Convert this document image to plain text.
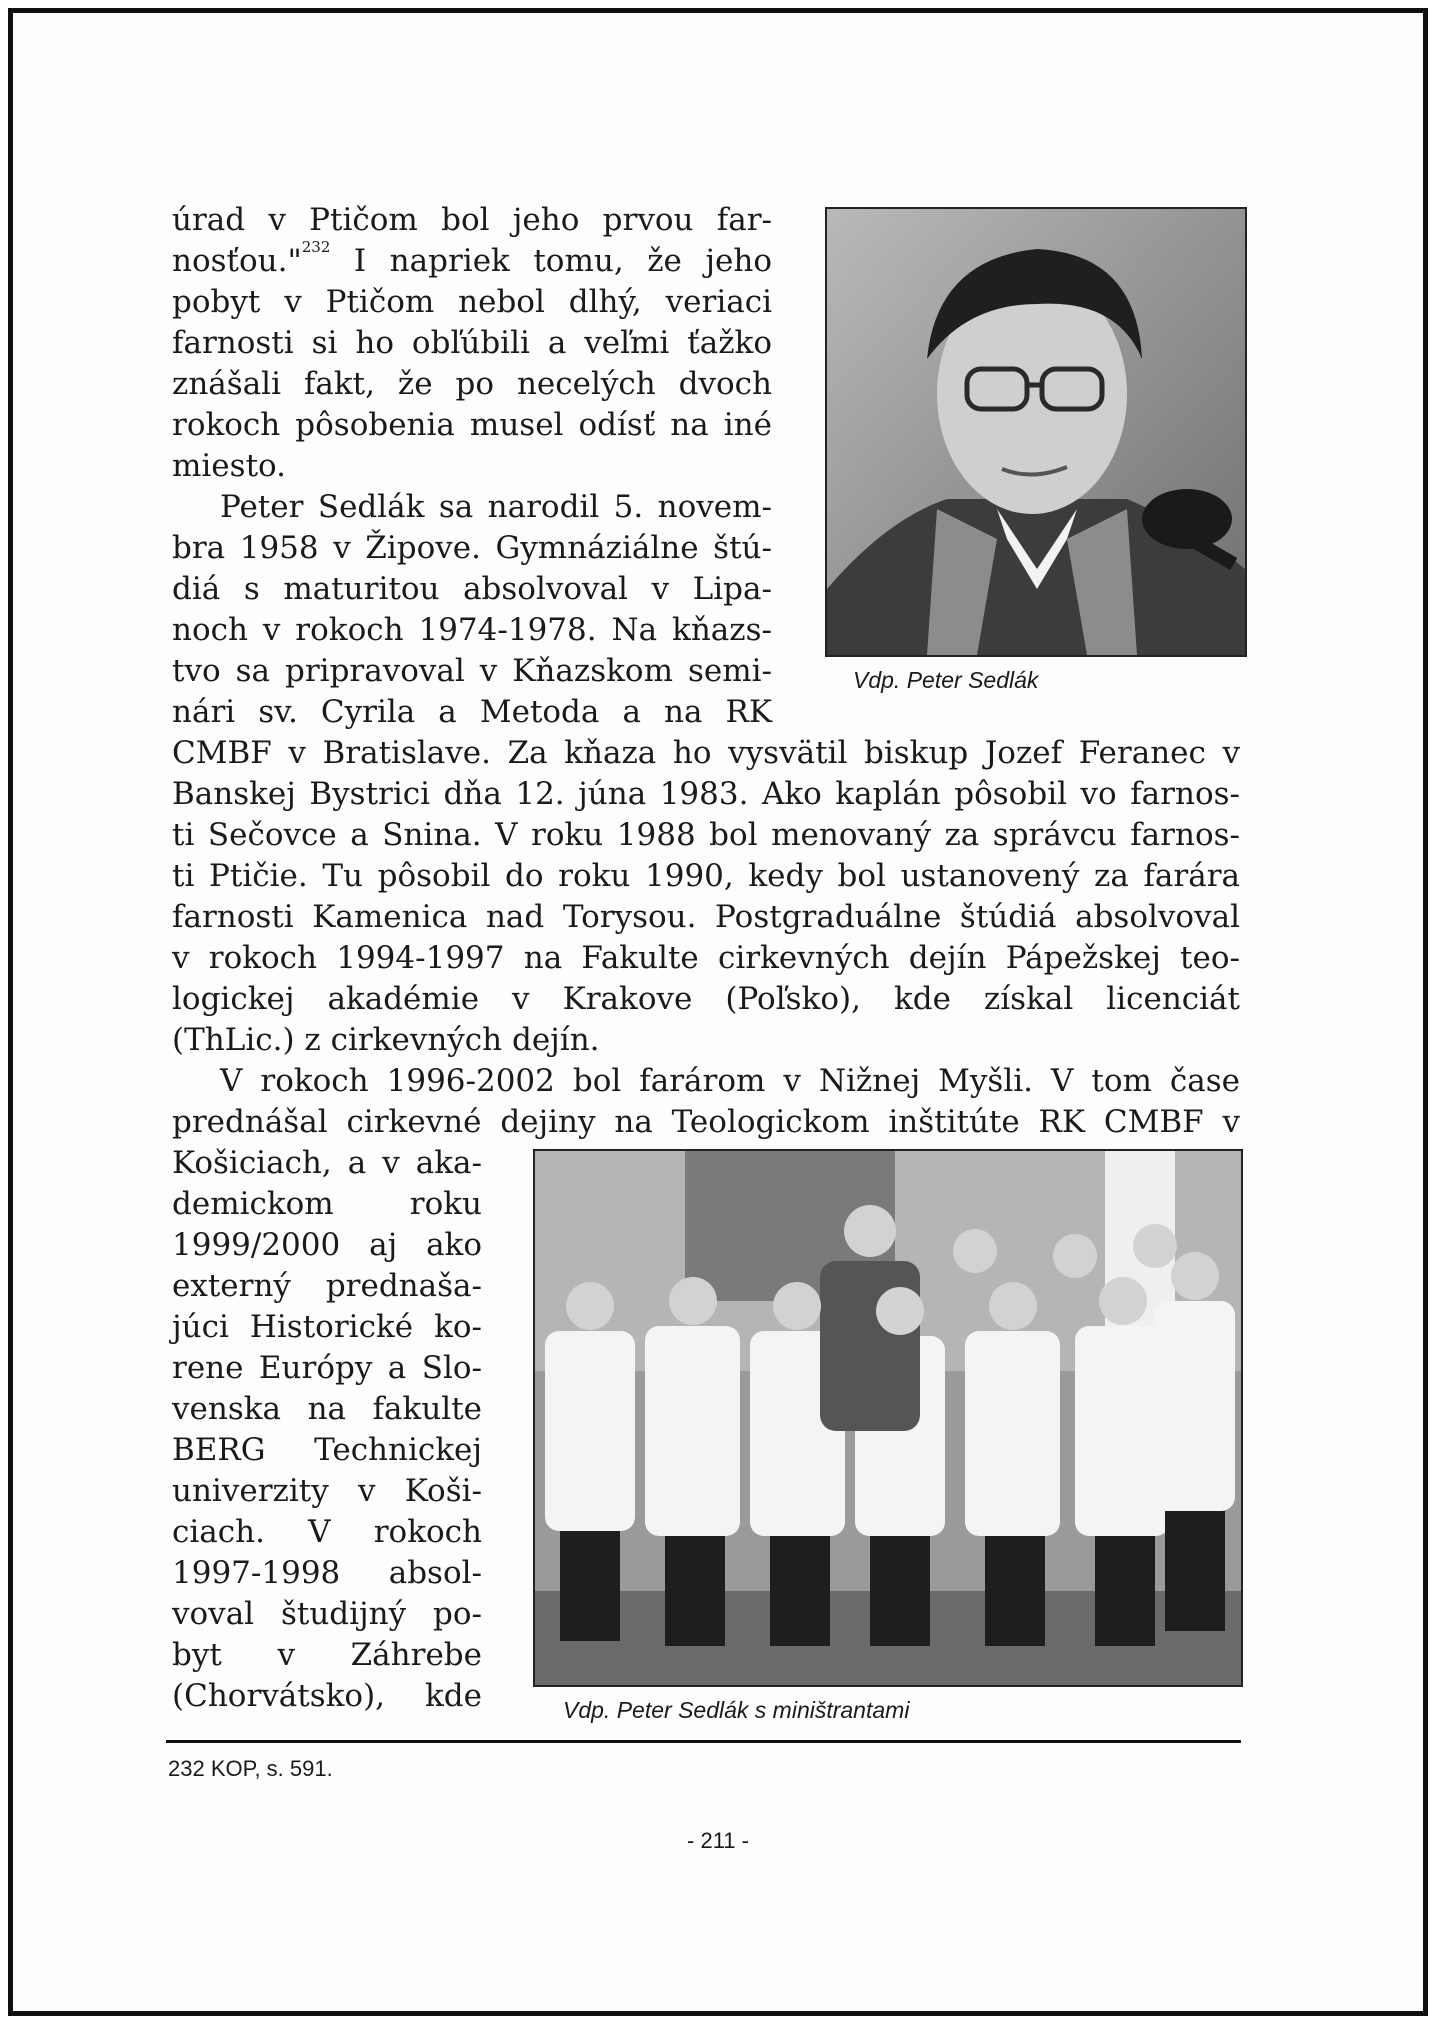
úrad v Ptičom bol jeho prvou far-
nosťou."$^{232}$ I napriek tomu, že jeho
pobyt v Ptičom nebol dlhý, veriaci
farnosti si ho obľúbili a veľmi ťažko
znášali fakt, že po necelých dvoch
rokoch pôsobenia musel odísť na iné
miesto.
Peter Sedlák sa narodil 5. novem-
bra 1958 v Žipove. Gymnáziálne štú-
diá s maturitou absolvoval v Lipa-
noch v rokoch 1974-1978. Na kňazs-
tvo sa pripravoval v Kňazskom semi-
nári sv. Cyrila a Metoda a na RK
Vdp. Peter Sedlák
CMBF v Bratislave. Za kňaza ho vysvätil biskup Jozef Feranec v
Banskej Bystrici dňa 12. júna 1983. Ako kaplán pôsobil vo farnos-
ti Sečovce a Snina. V roku 1988 bol menovaný za správcu farnos-
ti Ptičie. Tu pôsobil do roku 1990, kedy bol ustanovený za farára
farnosti Kamenica nad Torysou. Postgraduálne štúdiá absolvoval
v rokoch 1994-1997 na Fakulte cirkevných dejín Pápežskej teo-
logickej akadémie v Krakove (Poľsko), kde získal licenciát
(ThLic.) z cirkevných dejín.
V rokoch 1996-2002 bol farárom v Nižnej Myšli. V tom čase
prednášal cirkevné dejiny na Teologickom inštitúte RK CMBF v
Košiciach, a v aka-
demickom roku
1999/2000 aj ako
externý prednaša-
júci Historické ko-
rene Európy a Slo-
venska na fakulte
BERG Technickej
univerzity v Koši-
ciach. V rokoch
1997-1998 absol-
voval študijný po-
byt v Záhrebe
(Chorvátsko), kde	Vdp. Peter Sedlák s miništrantami
232 KOP, s. 591.
- 211 -
